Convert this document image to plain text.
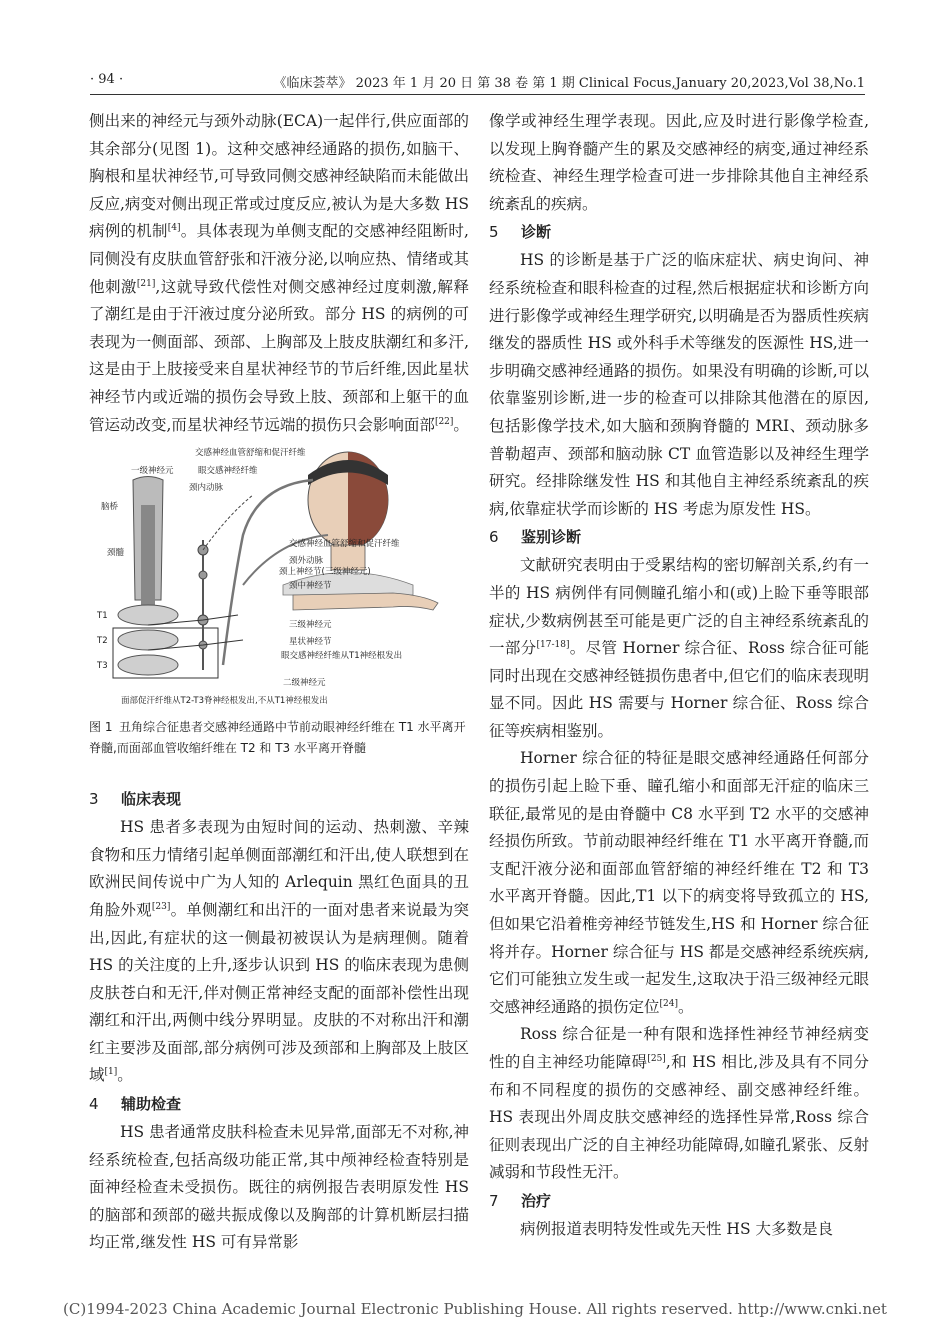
· 94 ·	《临床荟萃》 2023 年 1 月 20 日 第 38 卷 第 1 期 Clinical Focus,January 20,2023,Vol 38,No.1

侧出来的神经元与颈外动脉(ECA)一起伴行,供应面部的其余部分(见图 1)。这种交感神经通路的损伤,如脑干、胸根和星状神经节,可导致同侧交感神经缺陷而未能做出反应,病变对侧出现正常或过度反应,被认为是大多数 HS 病例的机制[4]。具体表现为单侧支配的交感神经阻断时,同侧没有皮肤血管舒张和汗液分泌,以响应热、情绪或其他刺激[21],这就导致代偿性对侧交感神经过度刺激,解释了潮红是由于汗液过度分泌所致。部分 HS 的病例的可表现为一侧面部、颈部、上胸部及上肢皮肤潮红和多汗,这是由于上肢接受来自星状神经节的节后纤维,因此星状神经节内或近端的损伤会导致上肢、颈部和上躯干的血管运动改变,而星状神经节远端的损伤只会影响面部[22]。

交感神经血管舒缩和促汗纤维
一级神经元	眼交感神经纤维
颈内动脉
脑桥
颈髓
交感神经血管舒缩和促汗纤维
颈外动脉
颈上神经节(三级神经元)
颈中神经节
T1
T2
T3
三级神经元
星状神经节
眼交感神经纤维从T1神经根发出
二级神经元
面部促汗纤维从T2-T3脊神经根发出,不从T1神经根发出
图 1 丑角综合征患者交感神经通路中节前动眼神经纤维在 T1 水平离开脊髓,而面部血管收缩纤维在 T2 和 T3 水平离开脊髓
3 临床表现

HS 患者多表现为由短时间的运动、热刺激、辛辣食物和压力情绪引起单侧面部潮红和汗出,使人联想到在欧洲民间传说中广为人知的 Arlequin 黑红色面具的丑角脸外观[23]。单侧潮红和出汗的一面对患者来说最为突出,因此,有症状的这一侧最初被误认为是病理侧。随着 HS 的关注度的上升,逐步认识到 HS 的临床表现为患侧皮肤苍白和无汗,伴对侧正常神经支配的面部补偿性出现潮红和汗出,两侧中线分界明显。皮肤的不对称出汗和潮红主要涉及面部,部分病例可涉及颈部和上胸部及上肢区域[1]。

4 辅助检查

HS 患者通常皮肤科检查未见异常,面部无不对称,神经系统检查,包括高级功能正常,其中颅神经检查特别是面神经检查未受损伤。既往的病例报告表明原发性 HS 的脑部和颈部的磁共振成像以及胸部的计算机断层扫描均正常,继发性 HS 可有异常影

像学或神经生理学表现。因此,应及时进行影像学检查,以发现上胸脊髓产生的累及交感神经的病变,通过神经系统检查、神经生理学检查可进一步排除其他自主神经系统紊乱的疾病。

5 诊断

HS 的诊断是基于广泛的临床症状、病史询问、神经系统检查和眼科检查的过程,然后根据症状和诊断方向进行影像学或神经生理学研究,以明确是否为器质性疾病继发的器质性 HS 或外科手术等继发的医源性 HS,进一步明确交感神经通路的损伤。如果没有明确的诊断,可以依靠鉴别诊断,进一步的检查可以排除其他潜在的原因,包括影像学技术,如大脑和颈胸脊髓的 MRI、颈动脉多普勒超声、颈部和脑动脉 CT 血管造影以及神经生理学研究。经排除继发性 HS 和其他自主神经系统紊乱的疾病,依靠症状学而诊断的 HS 考虑为原发性 HS。

6 鉴别诊断

文献研究表明由于受累结构的密切解剖关系,约有一半的 HS 病例伴有同侧瞳孔缩小和(或)上睑下垂等眼部症状,少数病例甚至可能是更广泛的自主神经系统紊乱的一部分[17-18]。尽管 Horner 综合征、Ross 综合征可能同时出现在交感神经链损伤患者中,但它们的临床表现明显不同。因此 HS 需要与 Horner 综合征、Ross 综合征等疾病相鉴别。

Horner 综合征的特征是眼交感神经通路任何部分的损伤引起上睑下垂、瞳孔缩小和面部无汗症的临床三联征,最常见的是由脊髓中 C8 水平到 T2 水平的交感神经损伤所致。节前动眼神经纤维在 T1 水平离开脊髓,而支配汗液分泌和面部血管舒缩的神经纤维在 T2 和 T3 水平离开脊髓。因此,T1 以下的病变将导致孤立的 HS,但如果它沿着椎旁神经节链发生,HS 和 Horner 综合征将并存。Horner 综合征与 HS 都是交感神经系统疾病,它们可能独立发生或一起发生,这取决于沿三级神经元眼交感神经通路的损伤定位[24]。

Ross 综合征是一种有限和选择性神经节神经病变性的自主神经功能障碍[25],和 HS 相比,涉及具有不同分布和不同程度的损伤的交感神经、副交感神经纤维。HS 表现出外周皮肤交感神经的选择性异常,Ross 综合征则表现出广泛的自主神经功能障碍,如瞳孔紧张、反射减弱和节段性无汗。

7 治疗

病例报道表明特发性或先天性 HS 大多数是良

(C)1994-2023 China Academic Journal Electronic Publishing House. All rights reserved. http://www.cnki.net
